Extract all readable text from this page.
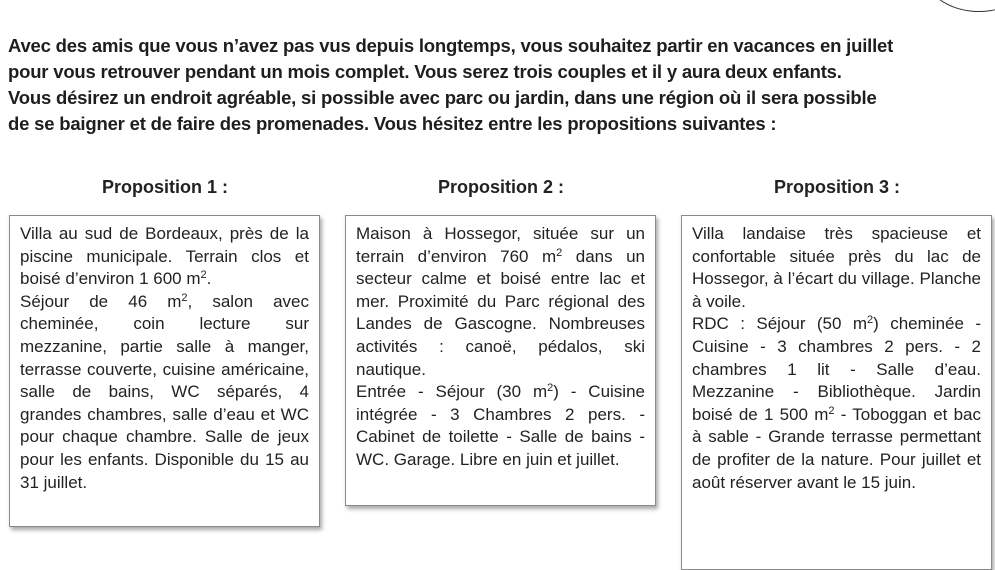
Avec des amis que vous n’avez pas vus depuis longtemps, vous souhaitez partir en vacances en juillet

pour vous retrouver pendant un mois complet. Vous serez trois couples et il y aura deux enfants.

Vous désirez un endroit agréable, si possible avec parc ou jardin, dans une région où il sera possible

de se baigner et de faire des promenades. Vous hésitez entre les propositions suivantes :

Proposition 1 :	Proposition 2 :	Proposition 3 :

Villa au sud de Bordeaux, près de la piscine municipale. Terrain clos et boisé d’environ 1 600 $m^2$.

Séjour de 46 $m^2$, salon avec cheminée, coin lecture sur mezzanine, partie salle à manger, terrasse couverte, cuisine américaine, salle de bains, WC séparés, 4 grandes chambres, salle d’eau et WC pour chaque chambre. Salle de jeux pour les enfants. Disponible du 15 au 31 juillet.

Maison à Hossegor, située sur un terrain d’environ 760 $m^2$ dans un secteur calme et boisé entre lac et mer. Proximité du Parc régional des Landes de Gascogne. Nombreuses activités : canoë, pédalos, ski nautique.

Entrée - Séjour (30 $m^2$) - Cuisine intégrée - 3 Chambres 2 pers. - Cabinet de toilette - Salle de bains - WC. Garage. Libre en juin et juillet.

Villa landaise très spacieuse et confortable située près du lac de Hossegor, à l’écart du village. Planche à voile.

RDC : Séjour (50 $m^2$) cheminée - Cuisine - 3 chambres 2 pers. - 2 chambres 1 lit - Salle d’eau. Mezzanine - Bibliothèque. Jardin boisé de 1 500 $m^2$ - Toboggan et bac à sable - Grande terrasse permettant de profiter de la nature. Pour juillet et août réserver avant le 15 juin.
